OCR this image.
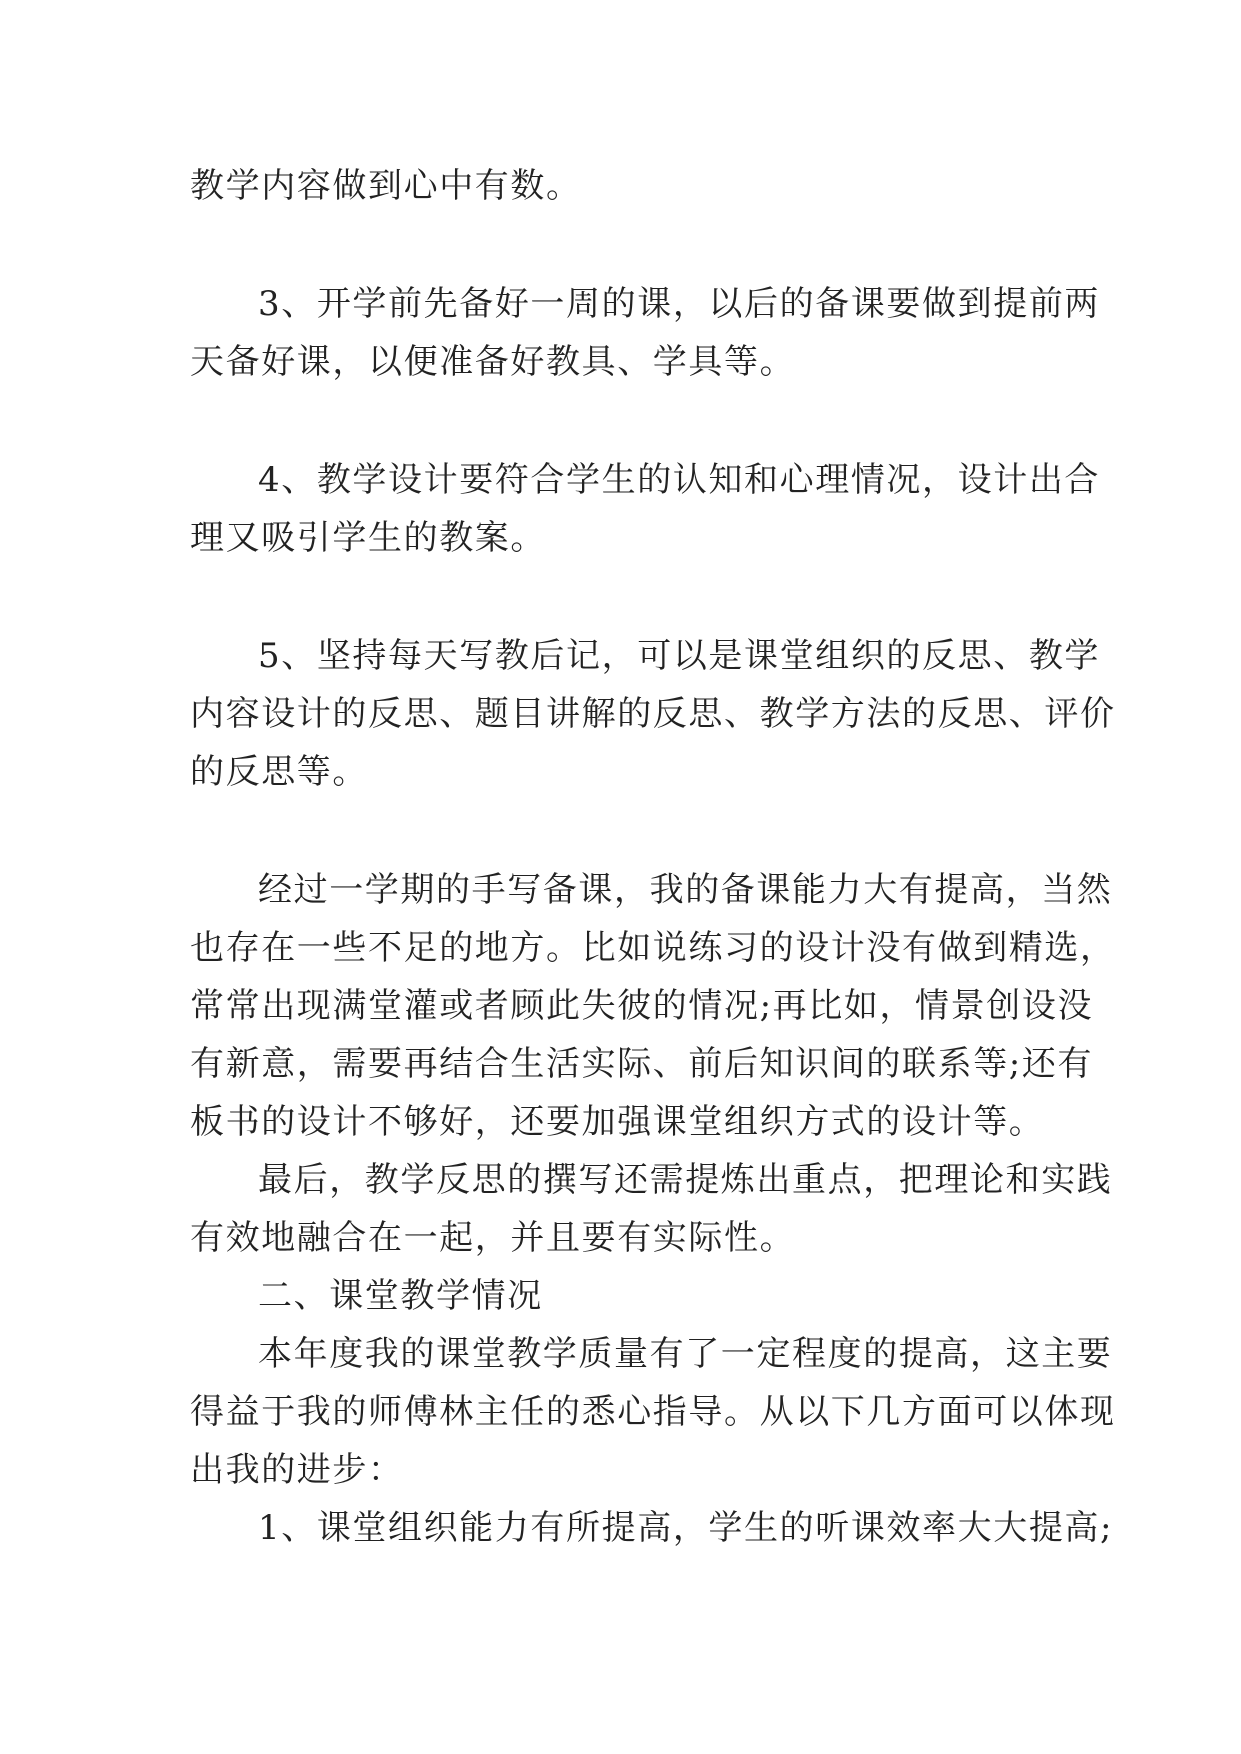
教学内容做到心中有数。
3、开学前先备好一周的课，以后的备课要做到提前两
天备好课，以便准备好教具、学具等。
4、教学设计要符合学生的认知和心理情况，设计出合
理又吸引学生的教案。
5、坚持每天写教后记，可以是课堂组织的反思、教学
内容设计的反思、题目讲解的反思、教学方法的反思、评价
的反思等。
经过一学期的手写备课，我的备课能力大有提高，当然
也存在一些不足的地方。比如说练习的设计没有做到精选，
常常出现满堂灌或者顾此失彼的情况;再比如，情景创设没
有新意，需要再结合生活实际、前后知识间的联系等;还有
板书的设计不够好，还要加强课堂组织方式的设计等。
最后，教学反思的撰写还需提炼出重点，把理论和实践
有效地融合在一起，并且要有实际性。
二、课堂教学情况
本年度我的课堂教学质量有了一定程度的提高，这主要
得益于我的师傅林主任的悉心指导。从以下几方面可以体现
出我的进步：
1、课堂组织能力有所提高，学生的听课效率大大提高;
